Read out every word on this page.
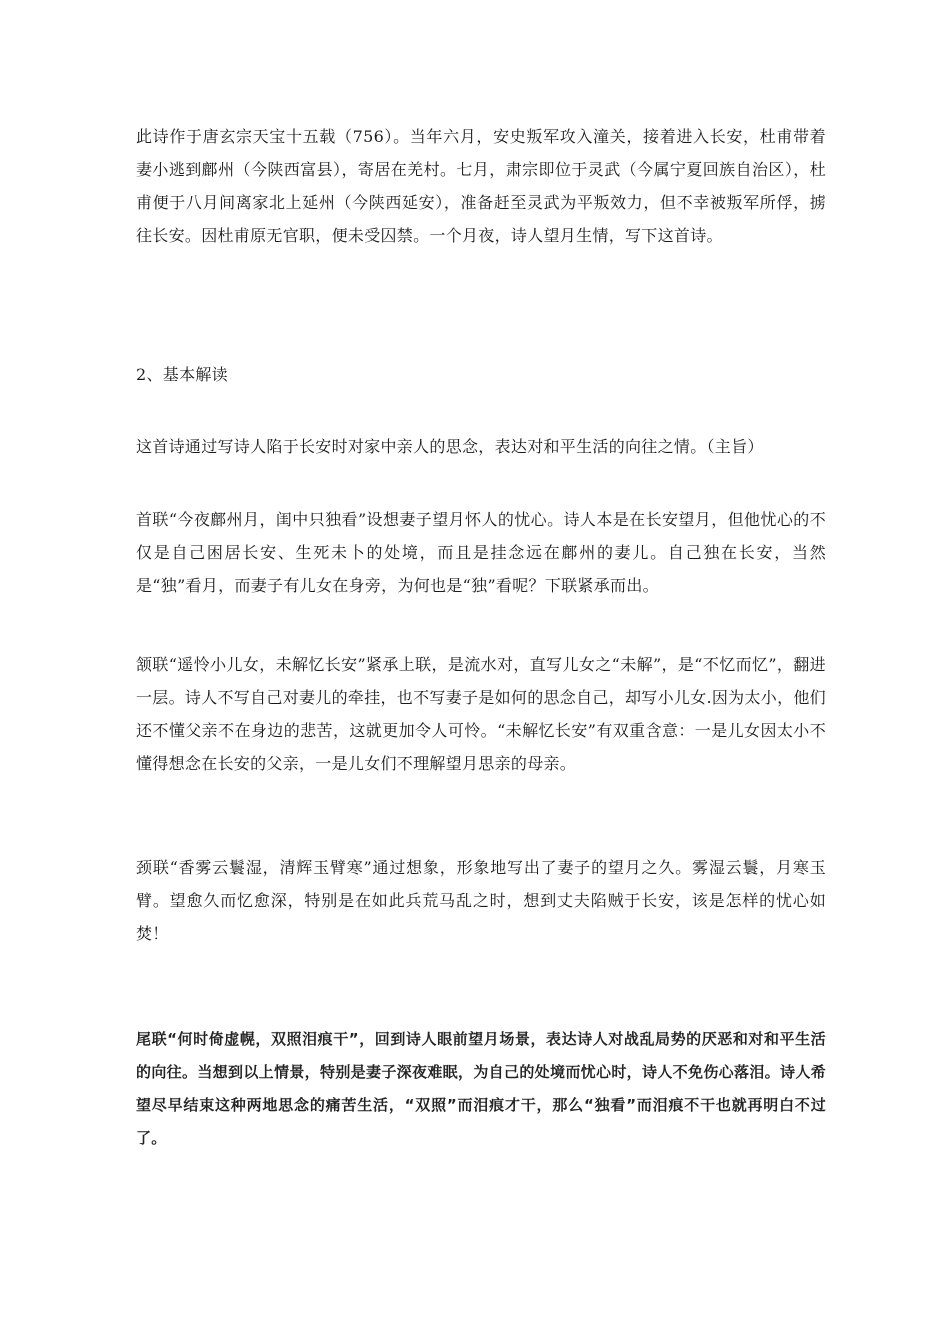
此诗作于唐玄宗天宝十五载（756）。当年六月，安史叛军攻入潼关，接着进入长安，杜甫带着妻小逃到鄜州（今陕西富县），寄居在羌村。七月，肃宗即位于灵武（今属宁夏回族自治区），杜甫便于八月间离家北上延州（今陕西延安），准备赶至灵武为平叛效力，但不幸被叛军所俘，掳往长安。因杜甫原无官职，便未受囚禁。一个月夜，诗人望月生情，写下这首诗。

2、基本解读

这首诗通过写诗人陷于长安时对家中亲人的思念，表达对和平生活的向往之情。（主旨）

首联“今夜鄜州月，闺中只独看”设想妻子望月怀人的忧心。诗人本是在长安望月，但他忧心的不仅是自己困居长安、生死未卜的处境，而且是挂念远在鄜州的妻儿。自己独在长安，当然是“独”看月，而妻子有儿女在身旁，为何也是“独”看呢？下联紧承而出。

颔联“遥怜小儿女，未解忆长安”紧承上联，是流水对，直写儿女之“未解”，是“不忆而忆”，翻进一层。诗人不写自己对妻儿的牵挂，也不写妻子是如何的思念自己，却写小儿女.因为太小，他们还不懂父亲不在身边的悲苦，这就更加令人可怜。“未解忆长安”有双重含意：一是儿女因太小不懂得想念在长安的父亲，一是儿女们不理解望月思亲的母亲。

颈联“香雾云鬟湿，清辉玉臂寒”通过想象，形象地写出了妻子的望月之久。雾湿云鬟，月寒玉臂。望愈久而忆愈深，特别是在如此兵荒马乱之时，想到丈夫陷贼于长安，该是怎样的忧心如焚！

尾联“何时倚虚幌，双照泪痕干”，回到诗人眼前望月场景，表达诗人对战乱局势的厌恶和对和平生活的向往。当想到以上情景，特别是妻子深夜难眠，为自己的处境而忧心时，诗人不免伤心落泪。诗人希望尽早结束这种两地思念的痛苦生活，“双照”而泪痕才干，那么“独看”而泪痕不干也就再明白不过了。
